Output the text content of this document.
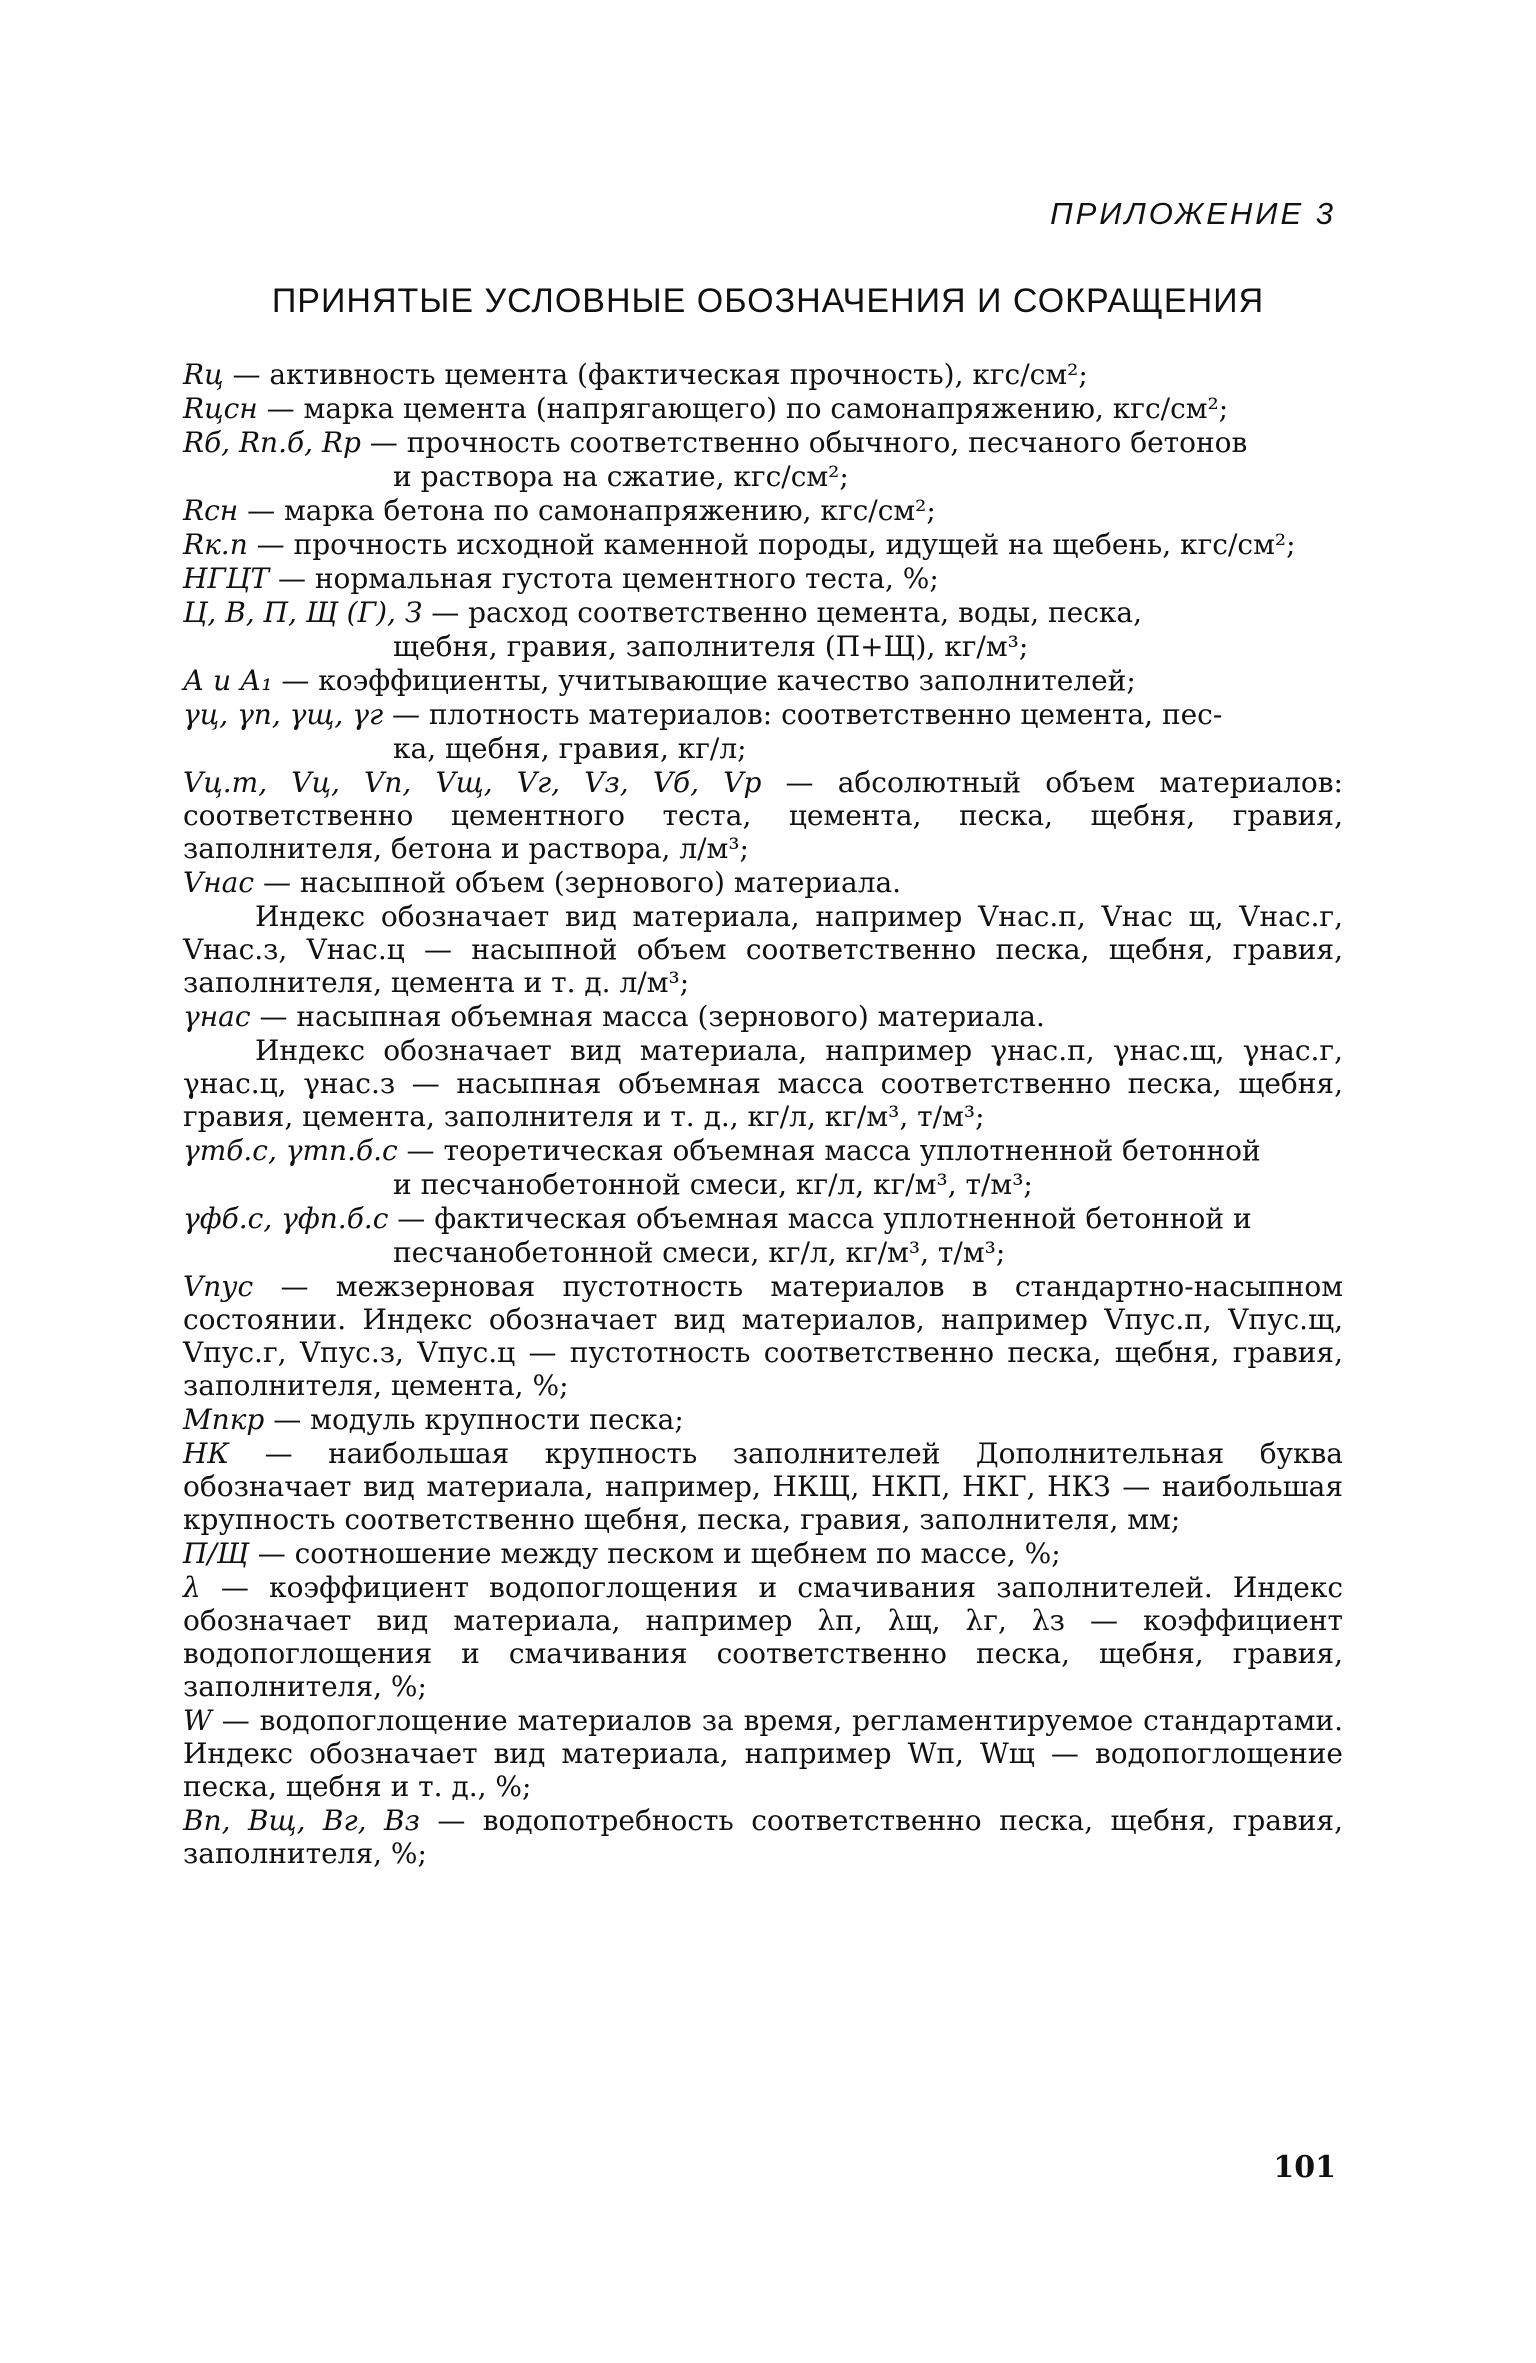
ПРИЛОЖЕНИЕ 3
ПРИНЯТЫЕ УСЛОВНЫЕ ОБОЗНАЧЕНИЯ И СОКРАЩЕНИЯ

Rц — активность цемента (фактическая прочность), кгс/см²;

Rцсн — марка цемента (напрягающего) по самонапряжению, кгс/см²;

Rб, Rп.б, Rр — прочность соответственно обычного, песчаного бетонов

и раствора на сжатие, кгс/см²;

Rсн — марка бетона по самонапряжению, кгс/см²;

Rк.п — прочность исходной каменной породы, идущей на щебень, кгс/см²;

НГЦТ — нормальная густота цементного теста, %;

Ц, В, П, Щ (Г), З — расход соответственно цемента, воды, песка,

щебня, гравия, заполнителя (П+Щ), кг/м³;

А и А₁ — коэффициенты, учитывающие качество заполнителей;

γц, γп, γщ, γг — плотность материалов: соответственно цемента, пес-

ка, щебня, гравия, кг/л;

Vц.т, Vц, Vп, Vщ, Vг, Vз, Vб, Vр — абсолютный объем материалов: соответственно цементного теста, цемента, песка, щебня, гравия, заполнителя, бетона и раствора, л/м³;

Vнас — насыпной объем (зернового) материала.

Индекс обозначает вид материала, например Vнас.п, Vнас щ, Vнас.г, Vнас.з, Vнас.ц — насыпной объем соответственно песка, щебня, гравия, заполнителя, цемента и т. д. л/м³;

γнас — насыпная объемная масса (зернового) материала.

Индекс обозначает вид материала, например γнас.п, γнас.щ, γнас.г, γнас.ц, γнас.з — насыпная объемная масса соответственно песка, щебня, гравия, цемента, заполнителя и т. д., кг/л, кг/м³, т/м³;

γтб.с, γтп.б.с — теоретическая объемная масса уплотненной бетонной

и песчанобетонной смеси, кг/л, кг/м³, т/м³;

γфб.с, γфп.б.с — фактическая объемная масса уплотненной бетонной и

песчанобетонной смеси, кг/л, кг/м³, т/м³;

Vпус — межзерновая пустотность материалов в стандартно-насыпном состоянии. Индекс обозначает вид материалов, например Vпус.п, Vпус.щ, Vпус.г, Vпус.з, Vпус.ц — пустотность соответственно песка, щебня, гравия, заполнителя, цемента, %;

Mпкр — модуль крупности песка;

НК — наибольшая крупность заполнителей Дополнительная буква обозначает вид материала, например, НКЩ, НКП, НКГ, НКЗ — наибольшая крупность соответственно щебня, песка, гравия, заполнителя, мм;

П/Щ — соотношение между песком и щебнем по массе, %;

λ — коэффициент водопоглощения и смачивания заполнителей. Индекс обозначает вид материала, например λп, λщ, λг, λз — коэффициент водопоглощения и смачивания соответственно песка, щебня, гравия, заполнителя, %;

W — водопоглощение материалов за время, регламентируемое стандартами. Индекс обозначает вид материала, например Wп, Wщ — водопоглощение песка, щебня и т. д., %;

Вп, Вщ, Вг, Вз — водопотребность соответственно песка, щебня, гравия, заполнителя, %;

101
